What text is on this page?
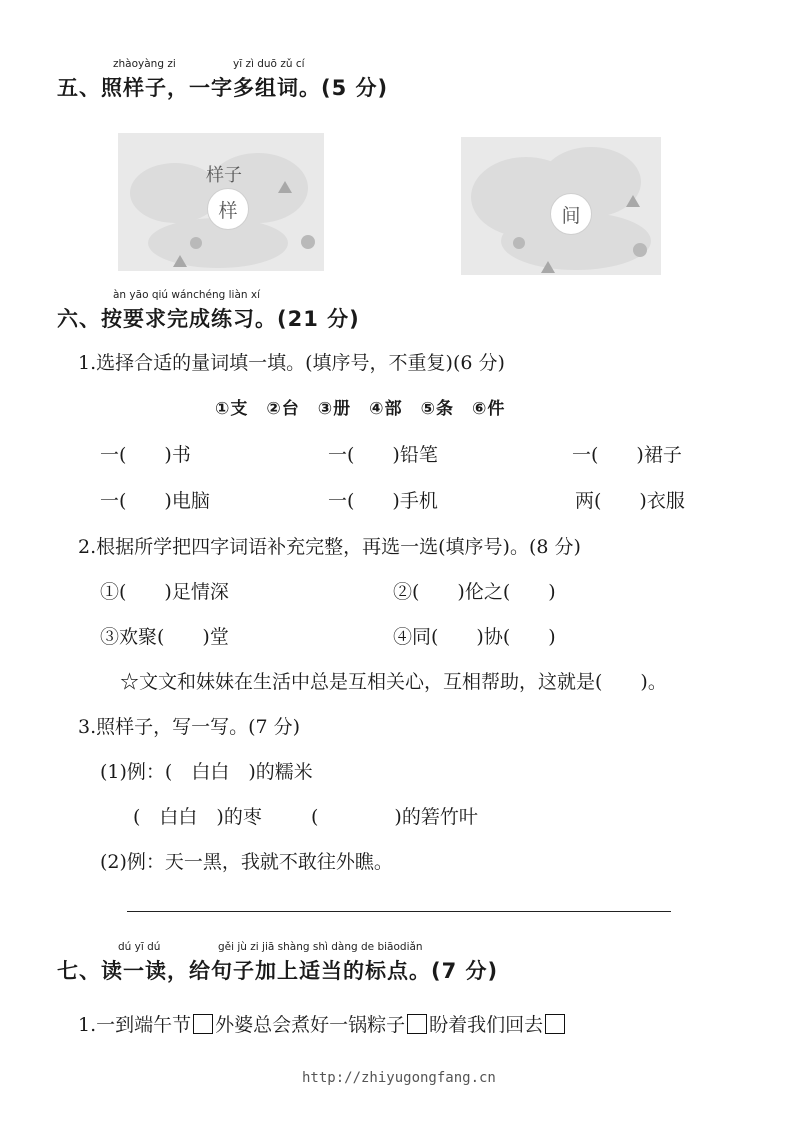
zhàoyàng zi	yī zì duō zǔ cí
五、照样子，一字多组词。(5 分)
样子
样	间
àn yāo qiú wánchéng liàn xí
六、按要求完成练习。(21 分)
1.选择合适的量词填一填。(填序号，不重复)(6 分)
①支　②台　③册　④部　⑤条　⑥件
一(　　)书	一(　　)铅笔	一(　　)裙子
一(　　)电脑	一(　　)手机	两(　　)衣服
2.根据所学把四字词语补充完整，再选一选(填序号)。(8 分)
①(　　)足情深	②(　　)伦之(　　)
③欢聚(　　)堂	④同(　　)协(　　)
☆文文和妹妹在生活中总是互相关心，互相帮助，这就是(　　)。
3.照样子，写一写。(7 分)
(1)例：(　白白　)的糯米
(　白白　)的枣	(　　　　)的箬竹叶
(2)例：天一黑，我就不敢往外瞧。
dú yī dú	gěi jù zi jiā shàng shì dàng de biāodiǎn
七、读一读，给句子加上适当的标点。(7 分)
1.一到端午节 外婆总会煮好一锅粽子 盼着我们回去
http://zhiyugongfang.cn
